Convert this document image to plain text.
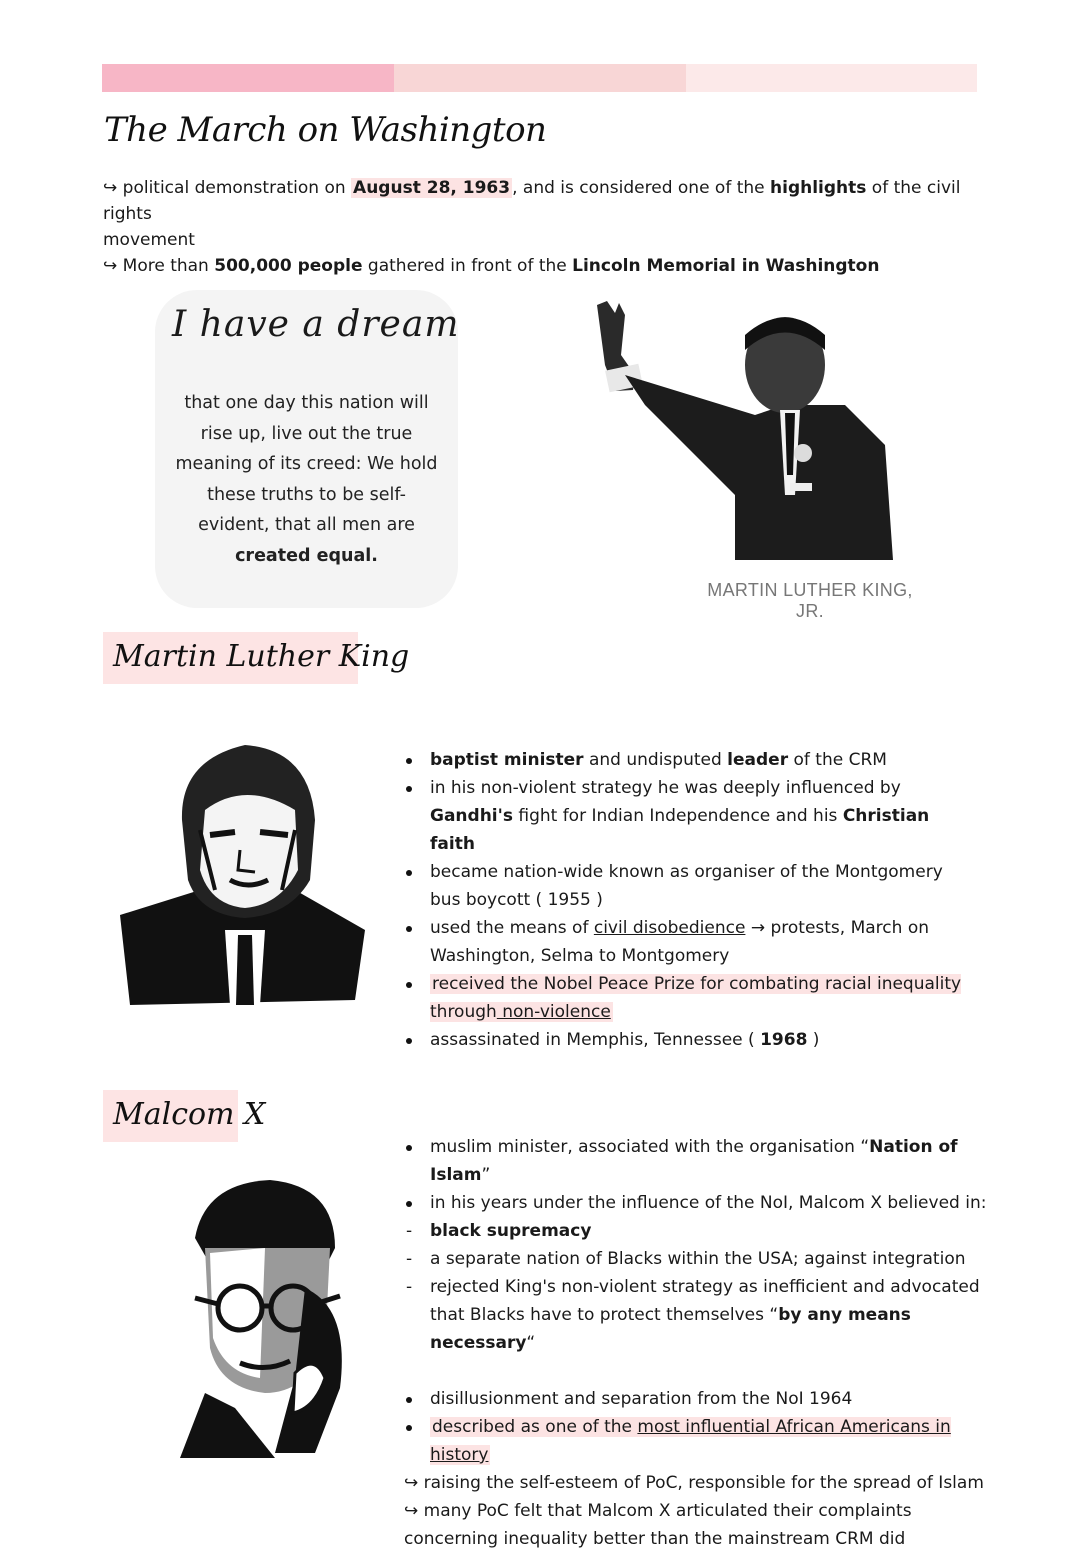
The March on Washington
↪ political demonstration on August 28, 1963 , and is considered one of the highlights of the civil rights
movement
↪ More than 500,000 people gathered in front of the Lincoln Memorial in Washington
I have a dream
that one day this nation will
rise up, live out the true
meaning of its creed: We hold
these truths to be self-
evident, that all men are
created equal.
MARTIN LUTHER KING, JR.
Martin Luther King
baptist minister and undisputed leader of the CRM
in his non-violent strategy he was deeply influenced by Gandhi's fight for Indian Independence and his Christian faith
became nation-wide known as organiser of the Montgomery bus boycott ( 1955 )
used the means of civil disobedience → protests, March on Washington, Selma to Montgomery
received the Nobel Peace Prize for combating racial inequality through non-violence
assassinated in Memphis, Tennessee ( 1968 )
Malcom X
muslim minister, associated with the organisation “Nation of Islam”
in his years under the influence of the NoI, Malcom X believed in:
- black supremacy
- a separate nation of Blacks within the USA; against integration
- rejected King's non-violent strategy as inefficient and advocated that Blacks have to protect themselves “by any means necessary“
disillusionment and separation from the NoI 1964
described as one of the most influential African Americans in history
↪ raising the self-esteem of PoC, responsible for the spread of Islam
↪ many PoC felt that Malcom X articulated their complaints concerning inequality better than the mainstream CRM did
